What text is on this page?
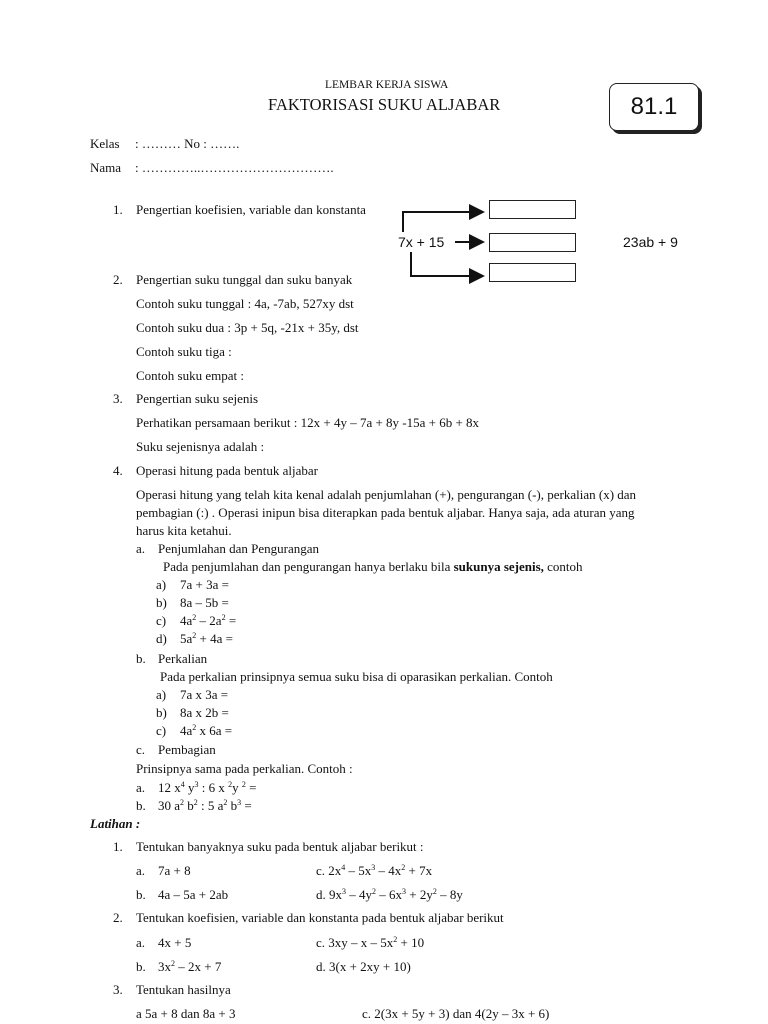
LEMBAR KERJA SISWA
FAKTORISASI SUKU ALJABAR	81.1
Kelas : ……… No : …….
Nama : …………..………………………….
1. Pengertian koefisien, variable dan konstanta
7x + 15	23ab + 9
2. Pengertian suku tunggal dan suku banyak
Contoh suku tunggal : 4a, -7ab, 527xy dst
Contoh suku dua : 3p + 5q, -21x + 35y, dst
Contoh suku tiga :
Contoh suku empat :
3. Pengertian suku sejenis
Perhatikan persamaan berikut : 12x + 4y – 7a + 8y -15a + 6b + 8x
Suku sejenisnya adalah :
4. Operasi hitung pada bentuk aljabar
Operasi hitung yang telah kita kenal adalah penjumlahan (+), pengurangan (-), perkalian (x) dan
pembagian (:) . Operasi inipun bisa diterapkan pada bentuk aljabar. Hanya saja, ada aturan yang
harus kita ketahui.
a. Penjumlahan dan Pengurangan
Pada penjumlahan dan pengurangan hanya berlaku bila sukunya sejenis, contoh
a) 7a + 3a =
b) 8a – 5b =
c) $4a^2 - 2a^2$ =
d) $5a^2 + 4a$ =
b. Perkalian
Pada perkalian prinsipnya semua suku bisa di oparasikan perkalian. Contoh
a) 7a x 3a =
b) 8a x 2b =
c) $4a^2$ x 6a =
c. Pembagian
Prinsipnya sama pada perkalian. Contoh :
a. 12 $x^4$ $y^3$ : 6 x $^2$y $^2$ =
b. 30 $a^2$ $b^2$ : 5 $a^2$ $b^3$ =
Latihan :
1. Tentukan banyaknya suku pada bentuk aljabar berikut :
a. 7a + 8	c. $2x^4 - 5x^3 - 4x^2 + 7x$
b. 4a – 5a + 2ab	d. $9x^3 - 4y^2 - 6x^3 + 2y^2 - 8y$
2. Tentukan koefisien, variable dan konstanta pada bentuk aljabar berikut
a. 4x + 5	c. $3xy - x - 5x^2 + 10$
b. $3x^2 - 2x + 7$	d. 3(x + 2xy + 10)
3. Tentukan hasilnya
a 5a + 8 dan 8a + 3	c. 2(3x + 5y + 3) dan 4(2y – 3x + 6)
